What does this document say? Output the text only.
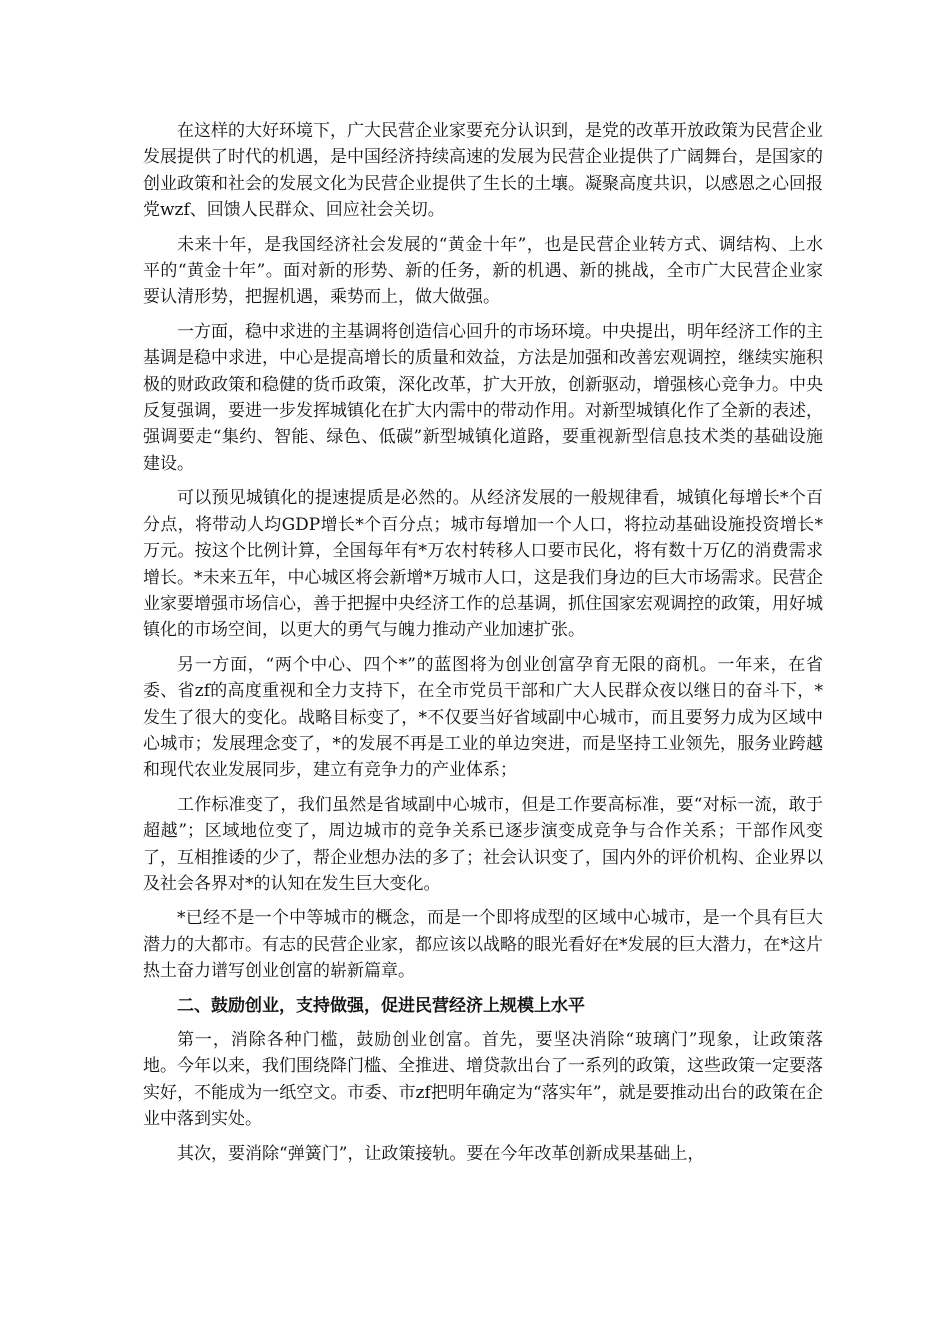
在这样的大好环境下，广大民营企业家要充分认识到，是党的改革开放政策为民营企业发展提供了时代的机遇，是中国经济持续高速的发展为民营企业提供了广阔舞台，是国家的创业政策和社会的发展文化为民营企业提供了生长的土壤。凝聚高度共识，以感恩之心回报党wzf、回馈人民群众、回应社会关切。

未来十年，是我国经济社会发展的“黄金十年”，也是民营企业转方式、调结构、上水平的“黄金十年”。面对新的形势、新的任务，新的机遇、新的挑战，全市广大民营企业家要认清形势，把握机遇，乘势而上，做大做强。

一方面，稳中求进的主基调将创造信心回升的市场环境。中央提出，明年经济工作的主基调是稳中求进，中心是提高增长的质量和效益，方法是加强和改善宏观调控，继续实施积极的财政政策和稳健的货币政策，深化改革，扩大开放，创新驱动，增强核心竞争力。中央反复强调，要进一步发挥城镇化在扩大内需中的带动作用。对新型城镇化作了全新的表述，强调要走“集约、智能、绿色、低碳”新型城镇化道路，要重视新型信息技术类的基础设施建设。

可以预见城镇化的提速提质是必然的。从经济发展的一般规律看，城镇化每增长*个百分点，将带动人均GDP增长*个百分点；城市每增加一个人口，将拉动基础设施投资增长*万元。按这个比例计算，全国每年有*万农村转移人口要市民化，将有数十万亿的消费需求增长。*未来五年，中心城区将会新增*万城市人口，这是我们身边的巨大市场需求。民营企业家要增强市场信心，善于把握中央经济工作的总基调，抓住国家宏观调控的政策，用好城镇化的市场空间，以更大的勇气与魄力推动产业加速扩张。

另一方面，“两个中心、四个*”的蓝图将为创业创富孕育无限的商机。一年来，在省委、省zf的高度重视和全力支持下，在全市党员干部和广大人民群众夜以继日的奋斗下，*发生了很大的变化。战略目标变了，*不仅要当好省域副中心城市，而且要努力成为区域中心城市；发展理念变了，*的发展不再是工业的单边突进，而是坚持工业领先，服务业跨越和现代农业发展同步，建立有竞争力的产业体系；

工作标准变了，我们虽然是省域副中心城市，但是工作要高标准，要“对标一流，敢于超越”；区域地位变了，周边城市的竞争关系已逐步演变成竞争与合作关系；干部作风变了，互相推诿的少了，帮企业想办法的多了；社会认识变了，国内外的评价机构、企业界以及社会各界对*的认知在发生巨大变化。

*已经不是一个中等城市的概念，而是一个即将成型的区域中心城市，是一个具有巨大潜力的大都市。有志的民营企业家，都应该以战略的眼光看好在*发展的巨大潜力，在*这片热土奋力谱写创业创富的崭新篇章。

二、鼓励创业，支持做强，促进民营经济上规模上水平

第一，消除各种门槛，鼓励创业创富。首先，要坚决消除“玻璃门”现象，让政策落地。今年以来，我们围绕降门槛、全推进、增贷款出台了一系列的政策，这些政策一定要落实好，不能成为一纸空文。市委、市zf把明年确定为“落实年”，就是要推动出台的政策在企业中落到实处。

其次，要消除“弹簧门”，让政策接轨。要在今年改革创新成果基础上，
